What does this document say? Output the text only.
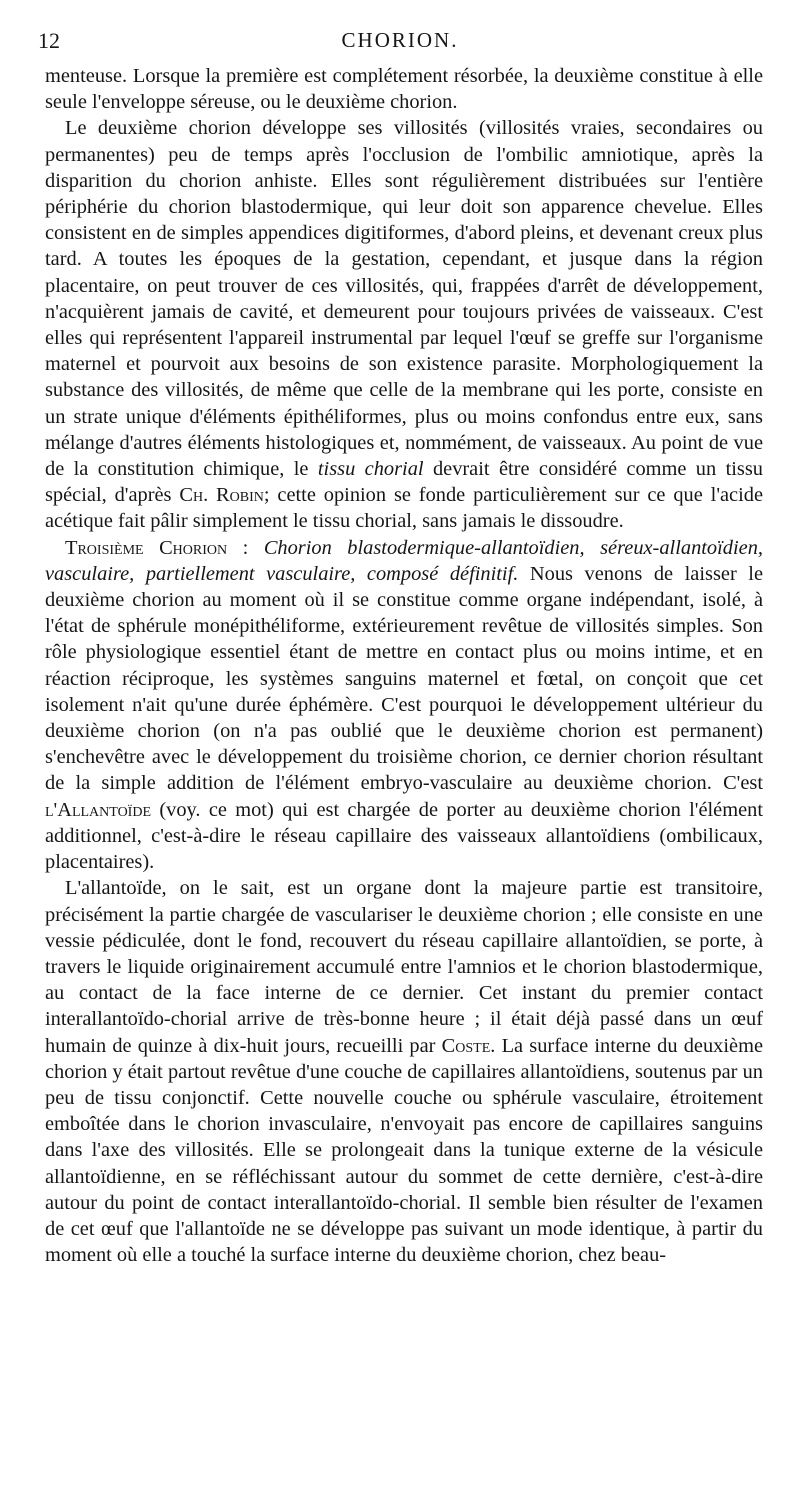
12	CHORION.

menteuse. Lorsque la première est complétement résorbée, la deuxième constitue à elle seule l'enveloppe séreuse, ou le deuxième chorion.

Le deuxième chorion développe ses villosités (villosités vraies, secondaires ou permanentes) peu de temps après l'occlusion de l'ombilic amniotique, après la disparition du chorion anhiste. Elles sont régulièrement distribuées sur l'entière périphérie du chorion blastodermique, qui leur doit son apparence chevelue. Elles consistent en de simples appendices digitiformes, d'abord pleins, et devenant creux plus tard. A toutes les époques de la gestation, cependant, et jusque dans la région placentaire, on peut trouver de ces villosités, qui, frappées d'arrêt de développement, n'acquièrent jamais de cavité, et demeurent pour toujours privées de vaisseaux. C'est elles qui représentent l'appareil instrumental par lequel l'œuf se greffe sur l'organisme maternel et pourvoit aux besoins de son existence parasite. Morphologiquement la substance des villosités, de même que celle de la membrane qui les porte, consiste en un strate unique d'éléments épithéliformes, plus ou moins confondus entre eux, sans mélange d'autres éléments histologiques et, nommément, de vaisseaux. Au point de vue de la constitution chimique, le tissu chorial devrait être considéré comme un tissu spécial, d'après Ch. Robin; cette opinion se fonde particulièrement sur ce que l'acide acétique fait pâlir simplement le tissu chorial, sans jamais le dissoudre.

Troisième Chorion : Chorion blastodermique-allantoïdien, séreux-allantoïdien, vasculaire, partiellement vasculaire, composé définitif. Nous venons de laisser le deuxième chorion au moment où il se constitue comme organe indépendant, isolé, à l'état de sphérule monépithéliforme, extérieurement revêtue de villosités simples. Son rôle physiologique essentiel étant de mettre en contact plus ou moins intime, et en réaction réciproque, les systèmes sanguins maternel et fœtal, on conçoit que cet isolement n'ait qu'une durée éphémère. C'est pourquoi le développement ultérieur du deuxième chorion (on n'a pas oublié que le deuxième chorion est permanent) s'enchevêtre avec le développement du troisième chorion, ce dernier chorion résultant de la simple addition de l'élément embryo-vasculaire au deuxième chorion. C'est l'Allantoïde (voy. ce mot) qui est chargée de porter au deuxième chorion l'élément additionnel, c'est-à-dire le réseau capillaire des vaisseaux allantoïdiens (ombilicaux, placentaires).

L'allantoïde, on le sait, est un organe dont la majeure partie est transitoire, précisément la partie chargée de vasculariser le deuxième chorion ; elle consiste en une vessie pédiculée, dont le fond, recouvert du réseau capillaire allantoïdien, se porte, à travers le liquide originairement accumulé entre l'amnios et le chorion blastodermique, au contact de la face interne de ce dernier. Cet instant du premier contact interallantoïdo-chorial arrive de très-bonne heure ; il était déjà passé dans un œuf humain de quinze à dix-huit jours, recueilli par Coste. La surface interne du deuxième chorion y était partout revêtue d'une couche de capillaires allantoïdiens, soutenus par un peu de tissu conjonctif. Cette nouvelle couche ou sphérule vasculaire, étroitement emboîtée dans le chorion invasculaire, n'envoyait pas encore de capillaires sanguins dans l'axe des villosités. Elle se prolongeait dans la tunique externe de la vésicule allantoïdienne, en se réfléchissant autour du sommet de cette dernière, c'est-à-dire autour du point de contact interallantoïdo-chorial. Il semble bien résulter de l'examen de cet œuf que l'allantoïde ne se développe pas suivant un mode identique, à partir du moment où elle a touché la surface interne du deuxième chorion, chez beau-
